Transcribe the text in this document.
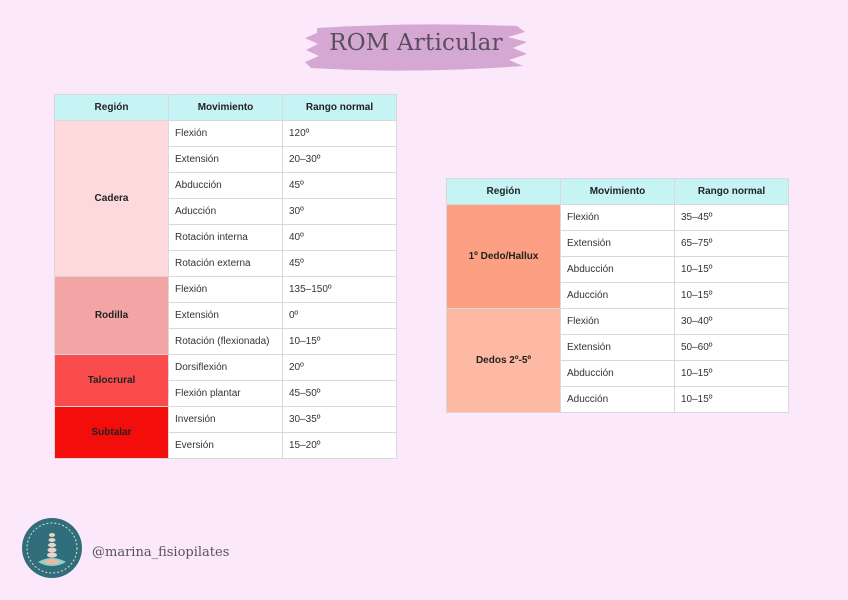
ROM Articular
Región	Movimiento	Rango normal
Cadera	Flexión	120º
	Extensión	20–30º
	Abducción	45º
	Aducción	30º
	Rotación interna	40º
	Rotación externa	45º
Rodilla	Flexión	135–150º
	Extensión	0º
	Rotación (flexionada)	10–15º
Talocrural	Dorsiflexión	20º
	Flexión plantar	45–50º
Subtalar	Inversión	30–35º
	Eversión	15–20º
Región	Movimiento	Rango normal
1º Dedo/Hallux	Flexión	35–45º
	Extensión	65–75º
	Abducción	10–15º
	Aducción	10–15º
Dedos 2º-5º	Flexión	30–40º
	Extensión	50–60º
	Abducción	10–15º
	Aducción	10–15º
@marina_fisiopilates
